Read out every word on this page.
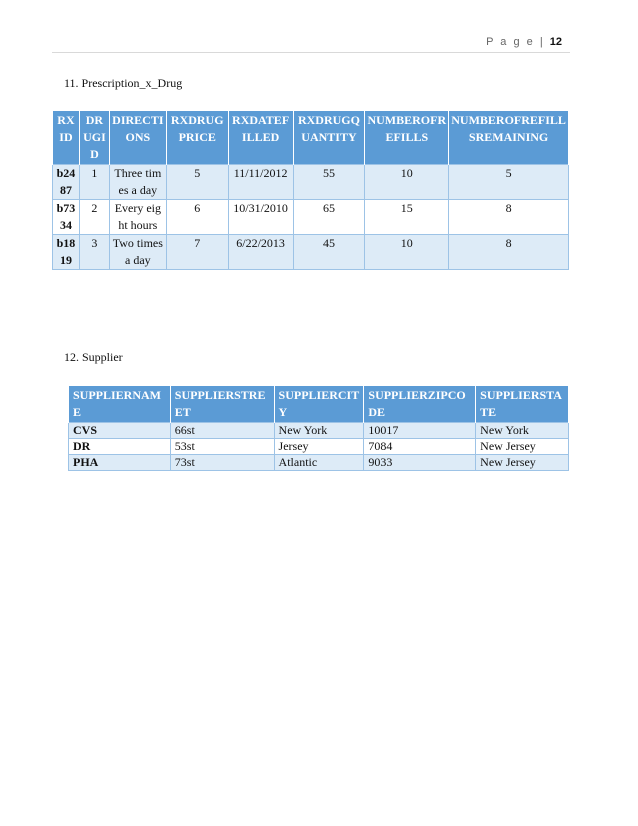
P a g e | 12
11. Prescription_x_Drug
RXID	DRUGID	DIRECTIONS	RXDRUGPRICE	RXDATEFILLED	RXDRUGQUANTITY	NUMBEROFREFILLS	NUMBEROFREFILLSREMAINING
b2487	1	Three times a day	5	11/11/2012	55	10	5
b7334	2	Every eight hours	6	10/31/2010	65	15	8
b1819	3	Two times a day	7	6/22/2013	45	10	8
12. Supplier
SUPPLIERNAME	SUPPLIERSTREET	SUPPLIERCITY	SUPPLIERZIPCODE	SUPPLIERSTATE
CVS	66st	New York	10017	New York
DR	53st	Jersey	7084	New Jersey
PHA	73st	Atlantic	9033	New Jersey
